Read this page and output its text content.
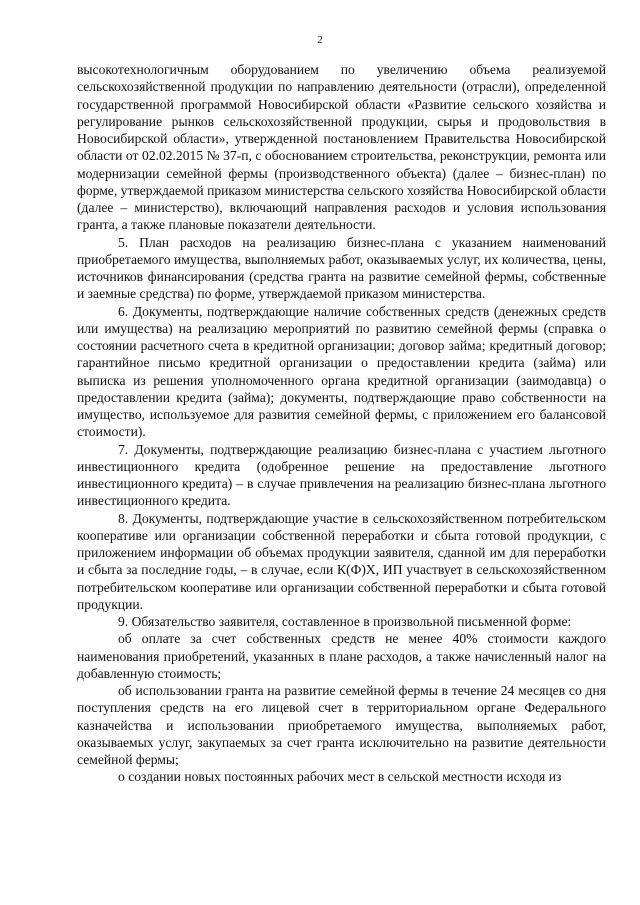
2

высокотехнологичным оборудованием по увеличению объема реализуемой сельскохозяйственной продукции по направлению деятельности (отрасли), определенной государственной программой Новосибирской области «Развитие сельского хозяйства и регулирование рынков сельскохозяйственной продукции, сырья и продовольствия в Новосибирской области», утвержденной постановлением Правительства Новосибирской области от 02.02.2015 № 37-п, с обоснованием строительства, реконструкции, ремонта или модернизации семейной фермы (производственного объекта) (далее – бизнес-план) по форме, утверждаемой приказом министерства сельского хозяйства Новосибирской области (далее – министерство), включающий направления расходов и условия использования гранта, а также плановые показатели деятельности.

5. План расходов на реализацию бизнес-плана с указанием наименований приобретаемого имущества, выполняемых работ, оказываемых услуг, их количества, цены, источников финансирования (средства гранта на развитие семейной фермы, собственные и заемные средства) по форме, утверждаемой приказом министерства.

6. Документы, подтверждающие наличие собственных средств (денежных средств или имущества) на реализацию мероприятий по развитию семейной фермы (справка о состоянии расчетного счета в кредитной организации; договор займа; кредитный договор; гарантийное письмо кредитной организации о предоставлении кредита (займа) или выписка из решения уполномоченного органа кредитной организации (заимодавца) о предоставлении кредита (займа); документы, подтверждающие право собственности на имущество, используемое для развития семейной фермы, с приложением его балансовой стоимости).

7. Документы, подтверждающие реализацию бизнес-плана с участием льготного инвестиционного кредита (одобренное решение на предоставление льготного инвестиционного кредита) – в случае привлечения на реализацию бизнес-плана льготного инвестиционного кредита.

8. Документы, подтверждающие участие в сельскохозяйственном потребительском кооперативе или организации собственной переработки и сбыта готовой продукции, с приложением информации об объемах продукции заявителя, сданной им для переработки и сбыта за последние годы, – в случае, если К(Ф)Х, ИП участвует в сельскохозяйственном потребительском кооперативе или организации собственной переработки и сбыта готовой продукции.

9. Обязательство заявителя, составленное в произвольной письменной форме:

об оплате за счет собственных средств не менее 40% стоимости каждого наименования приобретений, указанных в плане расходов, а также начисленный налог на добавленную стоимость;

об использовании гранта на развитие семейной фермы в течение 24 месяцев со дня поступления средств на его лицевой счет в территориальном органе Федерального казначейства и использовании приобретаемого имущества, выполняемых работ, оказываемых услуг, закупаемых за счет гранта исключительно на развитие деятельности семейной фермы;

о создании новых постоянных рабочих мест в сельской местности исходя из
